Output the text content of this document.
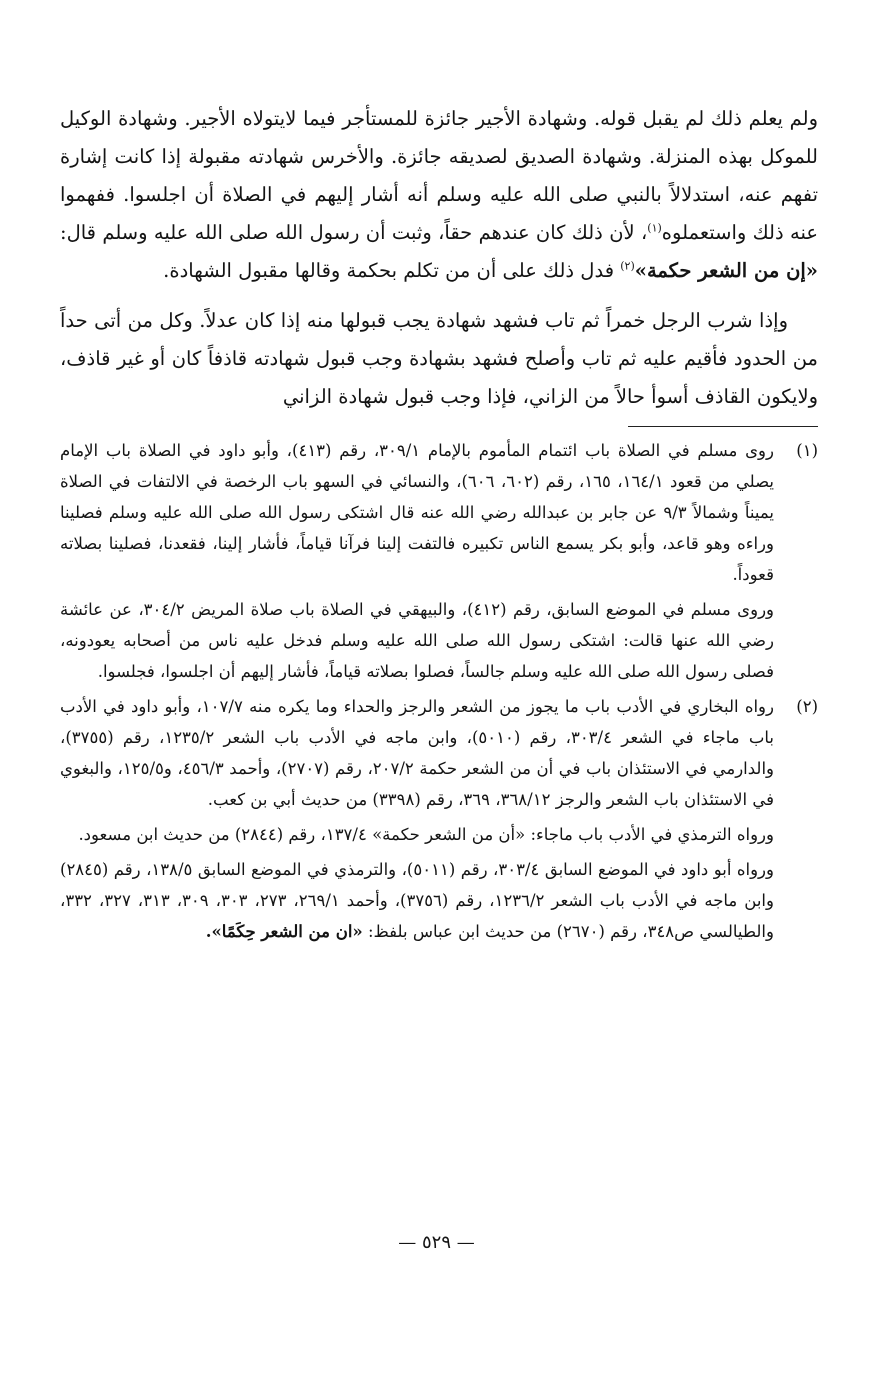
ولم يعلم ذلك لم يقبل قوله. وشهادة الأجير جائزة للمستأجر فيما لايتولاه الأجير. وشهادة الوكيل للموكل بهذه المنزلة. وشهادة الصديق لصديقه جائزة. والأخرس شهادته مقبولة إذا كانت إشارة تفهم عنه، استدلالاً بالنبي صلى الله عليه وسلم أنه أشار إليهم في الصلاة أن اجلسوا. ففهموا عنه ذلك واستعملوه$^{(١)}$، لأن ذلك كان عندهم حقاً، وثبت أن رسول الله صلى الله عليه وسلم قال: «إن من الشعر حكمة»$^{(٢)}$ فدل ذلك على أن من تكلم بحكمة وقالها مقبول الشهادة.

وإذا شرب الرجل خمراً ثم تاب فشهد شهادة يجب قبولها منه إذا كان عدلاً. وكل من أتى حداً من الحدود فأقيم عليه ثم تاب وأصلح فشهد بشهادة وجب قبول شهادته قاذفاً كان أو غير قاذف، ولايكون القاذف أسوأ حالاً من الزاني، فإذا وجب قبول شهادة الزاني

(١)

روى مسلم في الصلاة باب ائتمام المأموم بالإمام ٣٠٩/١، رقم (٤١٣)، وأبو داود في الصلاة باب الإمام يصلي من قعود ١٦٤/١، ١٦٥، رقم (٦٠٢، ٦٠٦)، والنسائي في السهو باب الرخصة في الالتفات في الصلاة يميناً وشمالاً ٩/٣ عن جابر بن عبدالله رضي الله عنه قال اشتكى رسول الله صلى الله عليه وسلم فصلينا وراءه وهو قاعد، وأبو بكر يسمع الناس تكبيره فالتفت إلينا فرآنا قياماً، فأشار إلينا، فقعدنا، فصلينا بصلاته قعوداً.

وروى مسلم في الموضع السابق، رقم (٤١٢)، والبيهقي في الصلاة باب صلاة المريض ٣٠٤/٢، عن عائشة رضي الله عنها قالت: اشتكى رسول الله صلى الله عليه وسلم فدخل عليه ناس من أصحابه يعودونه، فصلى رسول الله صلى الله عليه وسلم جالساً، فصلوا بصلاته قياماً، فأشار إليهم أن اجلسوا، فجلسوا.

(٢)

رواه البخاري في الأدب باب ما يجوز من الشعر والرجز والحداء وما يكره منه ١٠٧/٧، وأبو داود في الأدب باب ماجاء في الشعر ٣٠٣/٤، رقم (٥٠١٠)، وابن ماجه في الأدب باب الشعر ١٢٣٥/٢، رقم (٣٧٥٥)، والدارمي في الاستئذان باب في أن من الشعر حكمة ٢٠٧/٢، رقم (٢٧٠٧)، وأحمد ٤٥٦/٣، و١٢٥/٥، والبغوي في الاستئذان باب الشعر والرجز ٣٦٨/١٢، ٣٦٩، رقم (٣٣٩٨) من حديث أبي بن كعب.

ورواه الترمذي في الأدب باب ماجاء: «أن من الشعر حكمة» ١٣٧/٤، رقم (٢٨٤٤) من حديث ابن مسعود.

ورواه أبو داود في الموضع السابق ٣٠٣/٤، رقم (٥٠١١)، والترمذي في الموضع السابق ١٣٨/٥، رقم (٢٨٤٥) وابن ماجه في الأدب باب الشعر ١٢٣٦/٢، رقم (٣٧٥٦)، وأحمد ٢٦٩/١، ٢٧٣، ٣٠٣، ٣٠٩، ٣١٣، ٣٢٧، ٣٣٢، والطيالسي ص٣٤٨، رقم (٢٦٧٠) من حديث ابن عباس بلفظ: «ان من الشعر حِكَمًا».

— ٥٢٩ —
